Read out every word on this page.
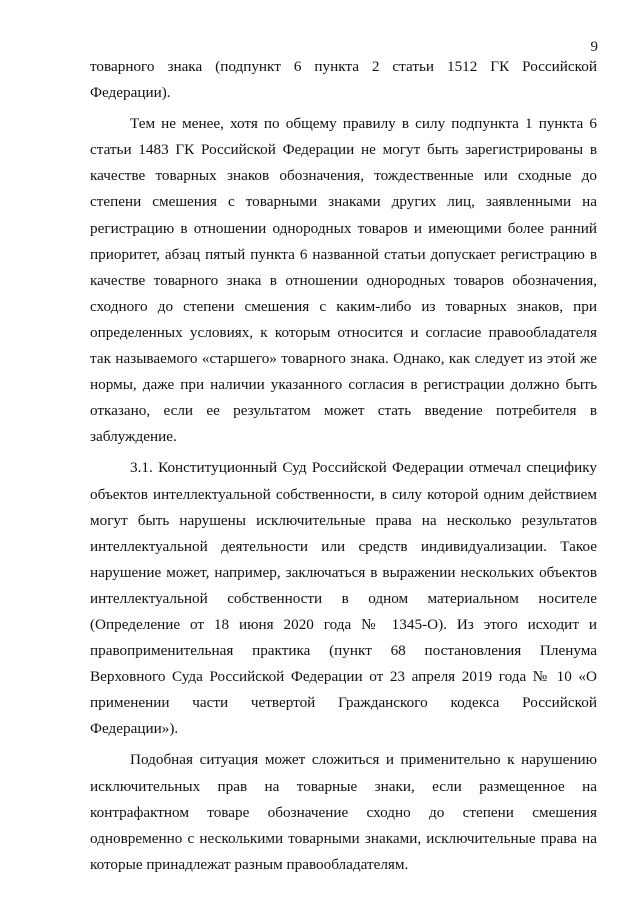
9

товарного знака (подпункт 6 пункта 2 статьи 1512 ГК Российской
Федерации).

Тем не менее, хотя по общему правилу в силу подпункта 1 пункта 6
статьи 1483 ГК Российской Федерации не могут быть зарегистрированы в
качестве товарных знаков обозначения, тождественные или сходные до
степени смешения с товарными знаками других лиц, заявленными на
регистрацию в отношении однородных товаров и имеющими более ранний
приоритет, абзац пятый пункта 6 названной статьи допускает регистрацию в
качестве товарного знака в отношении однородных товаров обозначения,
сходного до степени смешения с каким-либо из товарных знаков, при
определенных условиях, к которым относится и согласие правообладателя
так называемого «старшего» товарного знака. Однако, как следует из этой же
нормы, даже при наличии указанного согласия в регистрации должно быть
отказано, если ее результатом может стать введение потребителя в
заблуждение.

3.1. Конституционный Суд Российской Федерации отмечал специфику
объектов интеллектуальной собственности, в силу которой одним действием
могут быть нарушены исключительные права на несколько результатов
интеллектуальной деятельности или средств индивидуализации. Такое
нарушение может, например, заключаться в выражении нескольких объектов
интеллектуальной собственности в одном материальном носителе
(Определение от 18 июня 2020 года № 1345-О). Из этого исходит и
правоприменительная практика (пункт 68 постановления Пленума
Верховного Суда Российской Федерации от 23 апреля 2019 года № 10 «О
применении части четвертой Гражданского кодекса Российской
Федерации»).

Подобная ситуация может сложиться и применительно к нарушению
исключительных прав на товарные знаки, если размещенное на
контрафактном товаре обозначение сходно до степени смешения
одновременно с несколькими товарными знаками, исключительные права на
которые принадлежат разным правообладателям.
